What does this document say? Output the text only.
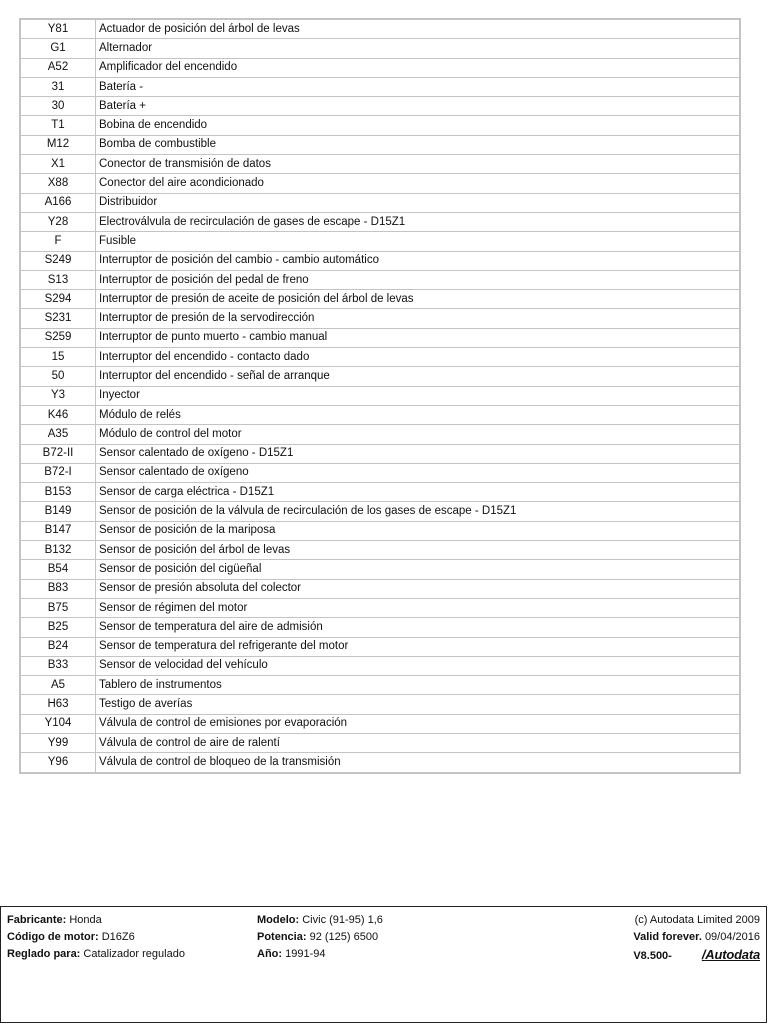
Y81	Actuador de posición del árbol de levas
G1	Alternador
A52	Amplificador del encendido
31	Batería -
30	Batería +
T1	Bobina de encendido
M12	Bomba de combustible
X1	Conector de transmisión de datos
X88	Conector del aire acondicionado
A166	Distribuidor
Y28	Electroválvula de recirculación de gases de escape - D15Z1
F	Fusible
S249	Interruptor de posición del cambio - cambio automático
S13	Interruptor de posición del pedal de freno
S294	Interruptor de presión de aceite de posición del árbol de levas
S231	Interruptor de presión de la servodirección
S259	Interruptor de punto muerto - cambio manual
15	Interruptor del encendido - contacto dado
50	Interruptor del encendido - señal de arranque
Y3	Inyector
K46	Módulo de relés
A35	Módulo de control del motor
B72-II	Sensor calentado de oxígeno - D15Z1
B72-I	Sensor calentado de oxígeno
B153	Sensor de carga eléctrica - D15Z1
B149	Sensor de posición de la válvula de recirculación de los gases de escape - D15Z1
B147	Sensor de posición de la mariposa
B132	Sensor de posición del árbol de levas
B54	Sensor de posición del cigüeñal
B83	Sensor de presión absoluta del colector
B75	Sensor de régimen del motor
B25	Sensor de temperatura del aire de admisión
B24	Sensor de temperatura del refrigerante del motor
B33	Sensor de velocidad del vehículo
A5	Tablero de instrumentos
H63	Testigo de averías
Y104	Válvula de control de emisiones por evaporación
Y99	Válvula de control de aire de ralentí
Y96	Válvula de control de bloqueo de la transmisión
Fabricante: Honda
Código de motor: D16Z6
Reglado para: Catalizador regulado
Modelo: Civic (91-95) 1,6
Potencia: 92 (125) 6500
Año: 1991-94
(c) Autodata Limited 2009
Valid forever. 09/04/2016
V8.500- /Autodata
